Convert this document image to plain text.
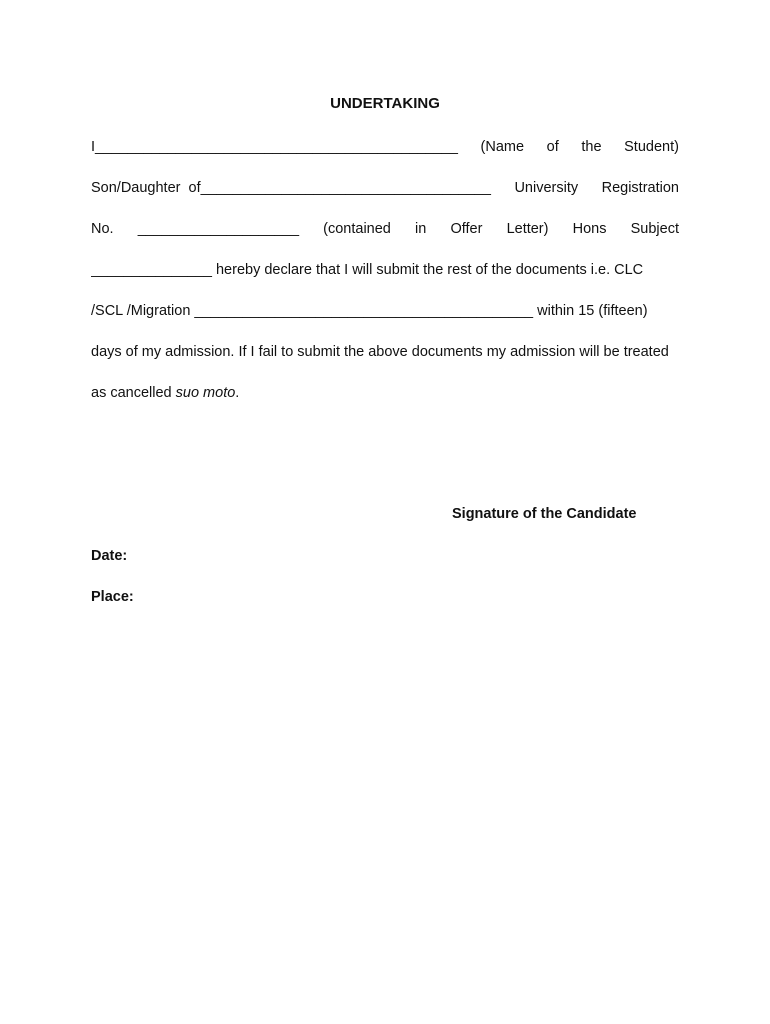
UNDERTAKING
I_____________________________________________ (Name of the Student)
Son/Daughter  of____________________________________ University Registration
No. ____________________ (contained in Offer Letter) Hons Subject
_______________ hereby declare that I will submit the rest of the documents i.e. CLC
/SCL /Migration __________________________________________ within 15 (fifteen)
days of my admission. If I fail to submit the above documents my admission will be treated
as cancelled suo moto.
Signature of the Candidate
Date:
Place:
